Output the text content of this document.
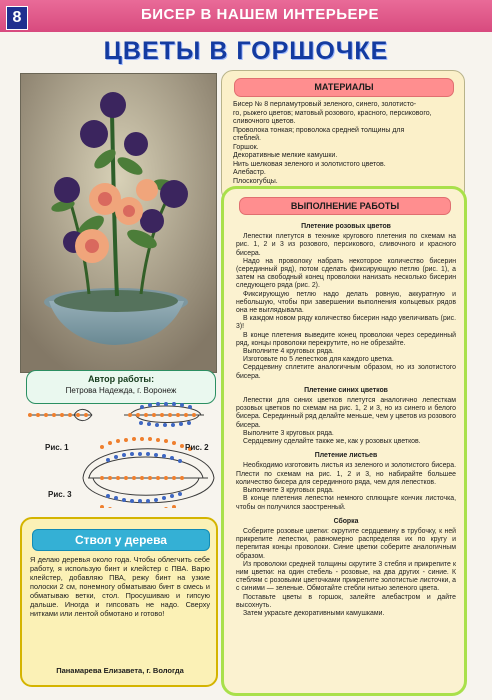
8	БИСЕР В НАШЕМ ИНТЕРЬЕРЕ
ЦВЕТЫ В ГОРШОЧКЕ
Автор работы:
Петрова Надежда, г. Воронеж
Рис. 1	Рис. 2
Рис. 3
Ствол у дерева
Я делаю деревья около года. Чтобы облегчить себе работу, я использую бинт и клейстер с ПВА. Варю клейстер, добавляю ПВА, режу бинт на узкие полоски 2 см, понемногу обматываю бинт в смесь и обматываю ветки, стол. Просушиваю и гипсую дальше. Иногда и гипсовать не надо. Сверху нитками или лентой обмотано и готово!
Панамарева Елизавета, г. Вологда
МАТЕРИАЛЫ
Бисер № 8 перламутровый зеленого, синего, золотисто-
го, рыжего цветов; матовый розового, красного, персикового,
сливочного цветов.
Проволока тонкая; проволока средней толщины для
стеблей.
Горшок.
Декоративные мелкие камушки.
Нить шелковая зеленого и золотистого цветов.
Алебастр.
Плоскогубцы.
ВЫПОЛНЕНИЕ РАБОТЫ
Плетение розовых цветов

Лепестки плетутся в технике кругового плетения по схемам на рис. 1, 2 и 3 из розового, персикового, сливочного и красного бисера.

Надо на проволоку набрать некоторое количество бисерин (серединный ряд), потом сделать фиксирующую петлю (рис. 1), а затем на свободный конец проволоки нанизать несколько бисерин следующего ряда (рис. 2).

Фиксирующую петлю надо делать ровную, аккуратную и небольшую, чтобы при завершении выполнения кольцевых рядов она не выглядывала.

В каждом новом ряду количество бисерин надо увеличивать (рис. 3)!

В конце плетения выведите конец проволоки через серединный ряд, концы проволоки перекрутите, но не обрезайте.

Выполните 4 круговых ряда.

Изготовьте по 5 лепестков для каждого цветка.

Сердцевину сплетите аналогичным образом, но из золотистого бисера.

Плетение синих цветков

Лепестки для синих цветков плетутся аналогично лепесткам розовых цветков по схемам на рис. 1, 2 и 3, но из синего и белого бисера. Серединный ряд делайте меньше, чем у цветов из розового бисера.

Выполните 3 круговых ряда.

Сердцевину сделайте также же, как у розовых цветков.

Плетение листьев

Необходимо изготовить листья из зеленого и золотистого бисера. Плести по схемам на рис. 1, 2 и 3, но набирайте большее количество бисера для серединного ряда, чем для лепестков.

Выполните 3 круговых ряда.

В конце плетения лепестки немного сплющьте кончик листочка, чтобы он получился заостренный.

Сборка

Соберите розовые цветки: скрутите сердцевину в трубочку, к ней прикрепите лепестки, равномерно распределяя их по кругу и перепитая концы проволоки. Синие цветки соберите аналогичным образом.

Из проволоки средней толщины скрутите 3 стебля и прикрепите к ним цветки: на один стебель - розовые, на два других - синие. К стеблям с розовыми цветочками прикрепите золотистые листочки, а с синими — зеленые. Обмотайте стебли нитью зеленого цвета.

Поставьте цветы в горшок, залейте алебастром и дайте высохнуть.

Затем украсьте декоративными камушками.
